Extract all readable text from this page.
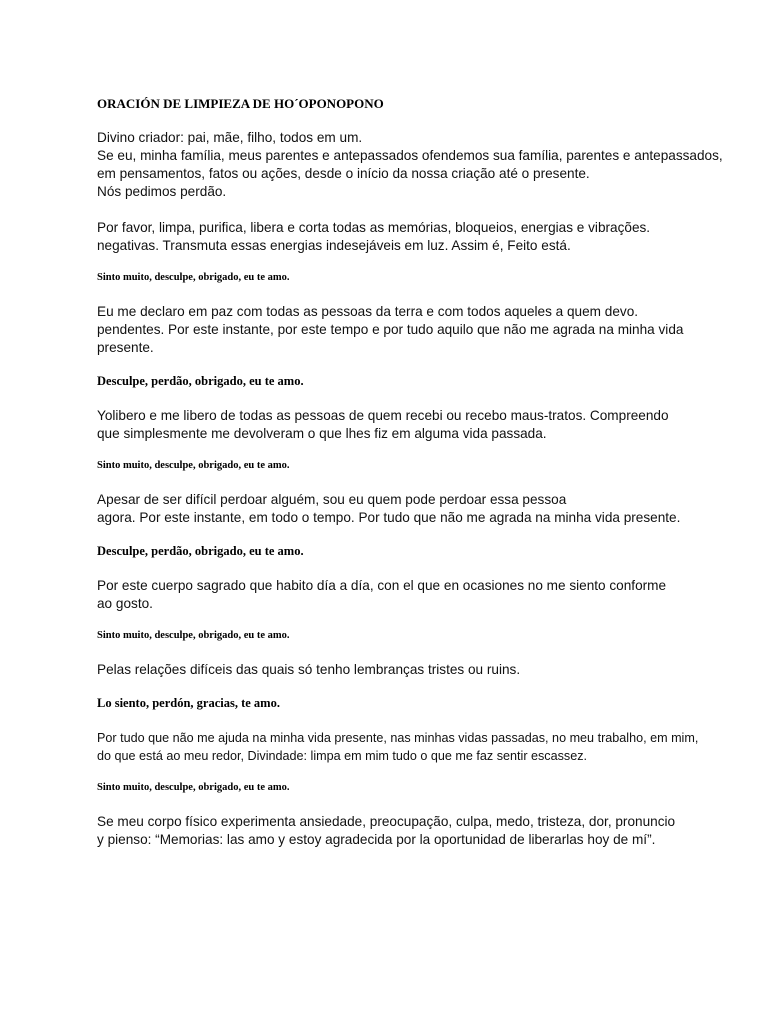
ORACIÓN DE LIMPIEZA DE HO´OPONOPONO

Divino criador: pai, mãe, filho, todos em um.
Se eu, minha família, meus parentes e antepassados ofendemos sua família, parentes e antepassados,
em pensamentos, fatos ou ações, desde o início da nossa criação até o presente.
Nós pedimos perdão.

Por favor, limpa, purifica, libera e corta todas as memórias, bloqueios, energias e vibrações.
negativas. Transmuta essas energias indesejáveis em luz. Assim é, Feito está.

Sinto muito, desculpe, obrigado, eu te amo.

Eu me declaro em paz com todas as pessoas da terra e com todos aqueles a quem devo.
pendentes. Por este instante, por este tempo e por tudo aquilo que não me agrada na minha vida
presente.

Desculpe, perdão, obrigado, eu te amo.

Yolibero e me libero de todas as pessoas de quem recebi ou recebo maus-tratos. Compreendo
que simplesmente me devolveram o que lhes fiz em alguma vida passada.

Sinto muito, desculpe, obrigado, eu te amo.

Apesar de ser difícil perdoar alguém, sou eu quem pode perdoar essa pessoa
agora. Por este instante, em todo o tempo. Por tudo que não me agrada na minha vida presente.

Desculpe, perdão, obrigado, eu te amo.

Por este cuerpo sagrado que habito día a día, con el que en ocasiones no me siento conforme
ao gosto.

Sinto muito, desculpe, obrigado, eu te amo.

Pelas relações difíceis das quais só tenho lembranças tristes ou ruins.

Lo siento, perdón, gracias, te amo.

Por tudo que não me ajuda na minha vida presente, nas minhas vidas passadas, no meu trabalho, em mim,
do que está ao meu redor, Divindade: limpa em mim tudo o que me faz sentir escassez.

Sinto muito, desculpe, obrigado, eu te amo.

Se meu corpo físico experimenta ansiedade, preocupação, culpa, medo, tristeza, dor, pronuncio
y pienso: “Memorias: las amo y estoy agradecida por la oportunidad de liberarlas hoy de mí”.
